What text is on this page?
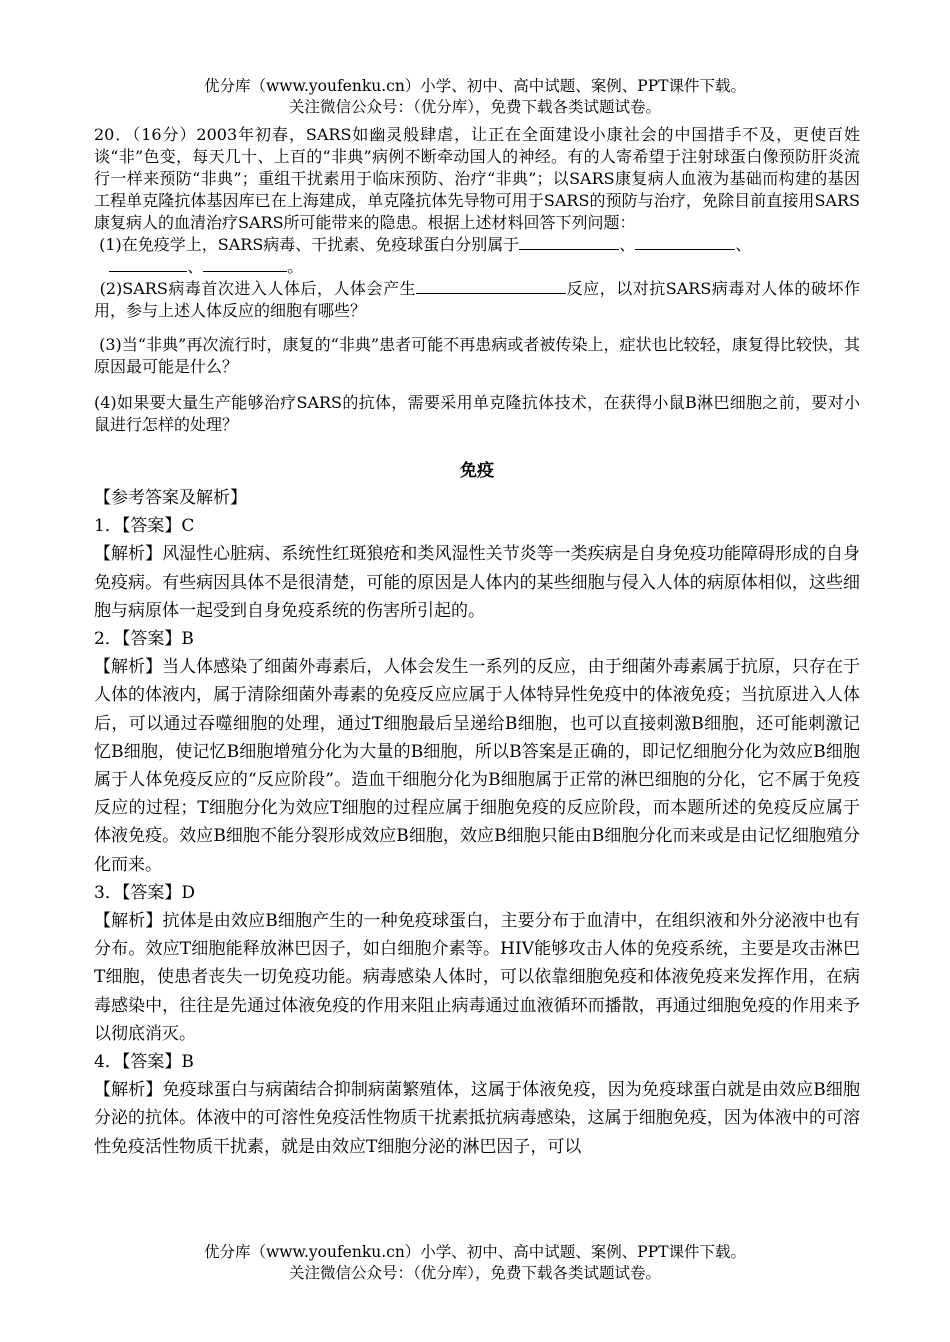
优分库（www.youfenku.cn）小学、初中、高中试题、案例、PPT课件下载。
关注微信公众号：（优分库），免费下载各类试题试卷。

20．（16分）2003年初春，SARS如幽灵般肆虐，让正在全面建设小康社会的中国措手不及，更使百姓谈“非”色变，每天几十、上百的“非典”病例不断牵动国人的神经。有的人寄希望于注射球蛋白像预防肝炎流行一样来预防“非典”；重组干扰素用于临床预防、治疗“非典”；以SARS康复病人血液为基础而构建的基因工程单克隆抗体基因库已在上海建成，单克隆抗体先导物可用于SARS的预防与治疗，免除目前直接用SARS康复病人的血清治疗SARS所可能带来的隐患。根据上述材料回答下列问题：

(1)在免疫学上，SARS病毒、干扰素、免疫球蛋白分别属于	、	、
、	。

(2)SARS病毒首次进入人体后，人体会产生	反应，以对抗SARS病毒对人体的破坏作用，参与上述人体反应的细胞有哪些？

(3)当“非典”再次流行时，康复的“非典”患者可能不再患病或者被传染上，症状也比较轻，康复得比较快，其原因最可能是什么？

(4)如果要大量生产能够治疗SARS的抗体，需要采用单克隆抗体技术，在获得小鼠B淋巴细胞之前，要对小鼠进行怎样的处理？

免疫

【参考答案及解析】

1．【答案】C

【解析】风湿性心脏病、系统性红斑狼疮和类风湿性关节炎等一类疾病是自身免疫功能障碍形成的自身免疫病。有些病因具体不是很清楚，可能的原因是人体内的某些细胞与侵入人体的病原体相似，这些细胞与病原体一起受到自身免疫系统的伤害所引起的。

2．【答案】B

【解析】当人体感染了细菌外毒素后，人体会发生一系列的反应，由于细菌外毒素属于抗原，只存在于人体的体液内，属于清除细菌外毒素的免疫反应应属于人体特异性免疫中的体液免疫；当抗原进入人体后，可以通过吞噬细胞的处理，通过T细胞最后呈递给B细胞，也可以直接刺激B细胞，还可能刺激记忆B细胞，使记忆B细胞增殖分化为大量的B细胞，所以B答案是正确的，即记忆细胞分化为效应B细胞属于人体免疫反应的“反应阶段”。造血干细胞分化为B细胞属于正常的淋巴细胞的分化，它不属于免疫反应的过程；T细胞分化为效应T细胞的过程应属于细胞免疫的反应阶段，而本题所述的免疫反应属于体液免疫。效应B细胞不能分裂形成效应B细胞，效应B细胞只能由B细胞分化而来或是由记忆细胞殖分化而来。

3．【答案】D

【解析】抗体是由效应B细胞产生的一种免疫球蛋白，主要分布于血清中，在组织液和外分泌液中也有分布。效应T细胞能释放淋巴因子，如白细胞介素等。HIV能够攻击人体的免疫系统，主要是攻击淋巴T细胞，使患者丧失一切免疫功能。病毒感染人体时，可以依靠细胞免疫和体液免疫来发挥作用，在病毒感染中，往往是先通过体液免疫的作用来阻止病毒通过血液循环而播散，再通过细胞免疫的作用来予以彻底消灭。

4．【答案】B

【解析】免疫球蛋白与病菌结合抑制病菌繁殖体，这属于体液免疫，因为免疫球蛋白就是由效应B细胞分泌的抗体。体液中的可溶性免疫活性物质干扰素抵抗病毒感染，这属于细胞免疫，因为体液中的可溶性免疫活性物质干扰素，就是由效应T细胞分泌的淋巴因子，可以

优分库（www.youfenku.cn）小学、初中、高中试题、案例、PPT课件下载。
关注微信公众号：（优分库），免费下载各类试题试卷。
